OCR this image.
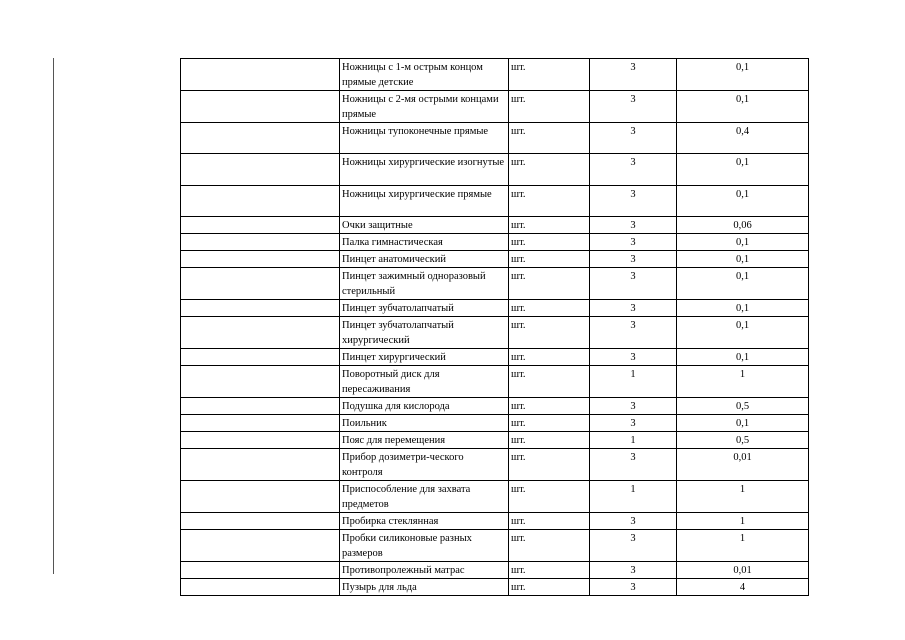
	Ножницы с 1-м острым концом прямые детские	шт.	3	0,1
	Ножницы с 2-мя острыми концами прямые	шт.	3	0,1
	Ножницы тупоконечные прямые	шт.	3	0,4
	Ножницы хирургические изогнутые	шт.	3	0,1
	Ножницы хирургические прямые	шт.	3	0,1
	Очки защитные	шт.	3	0,06
	Палка гимнастическая	шт.	3	0,1
	Пинцет анатомический	шт.	3	0,1
	Пинцет зажимный одноразовый стерильный	шт.	3	0,1
	Пинцет зубчатолапчатый	шт.	3	0,1
	Пинцет зубчатолапчатый хирургический	шт.	3	0,1
	Пинцет хирургический	шт.	3	0,1
	Поворотный диск для пересаживания	шт.	1	1
	Подушка для кислорода	шт.	3	0,5
	Поильник	шт.	3	0,1
	Пояс для перемещения	шт.	1	0,5
	Прибор дозиметри-ческого контроля	шт.	3	0,01
	Приспособление для захвата предметов	шт.	1	1
	Пробирка стеклянная	шт.	3	1
	Пробки силиконовые разных размеров	шт.	3	1
	Противопролежный матрас	шт.	3	0,01
	Пузырь для льда	шт.	3	4
